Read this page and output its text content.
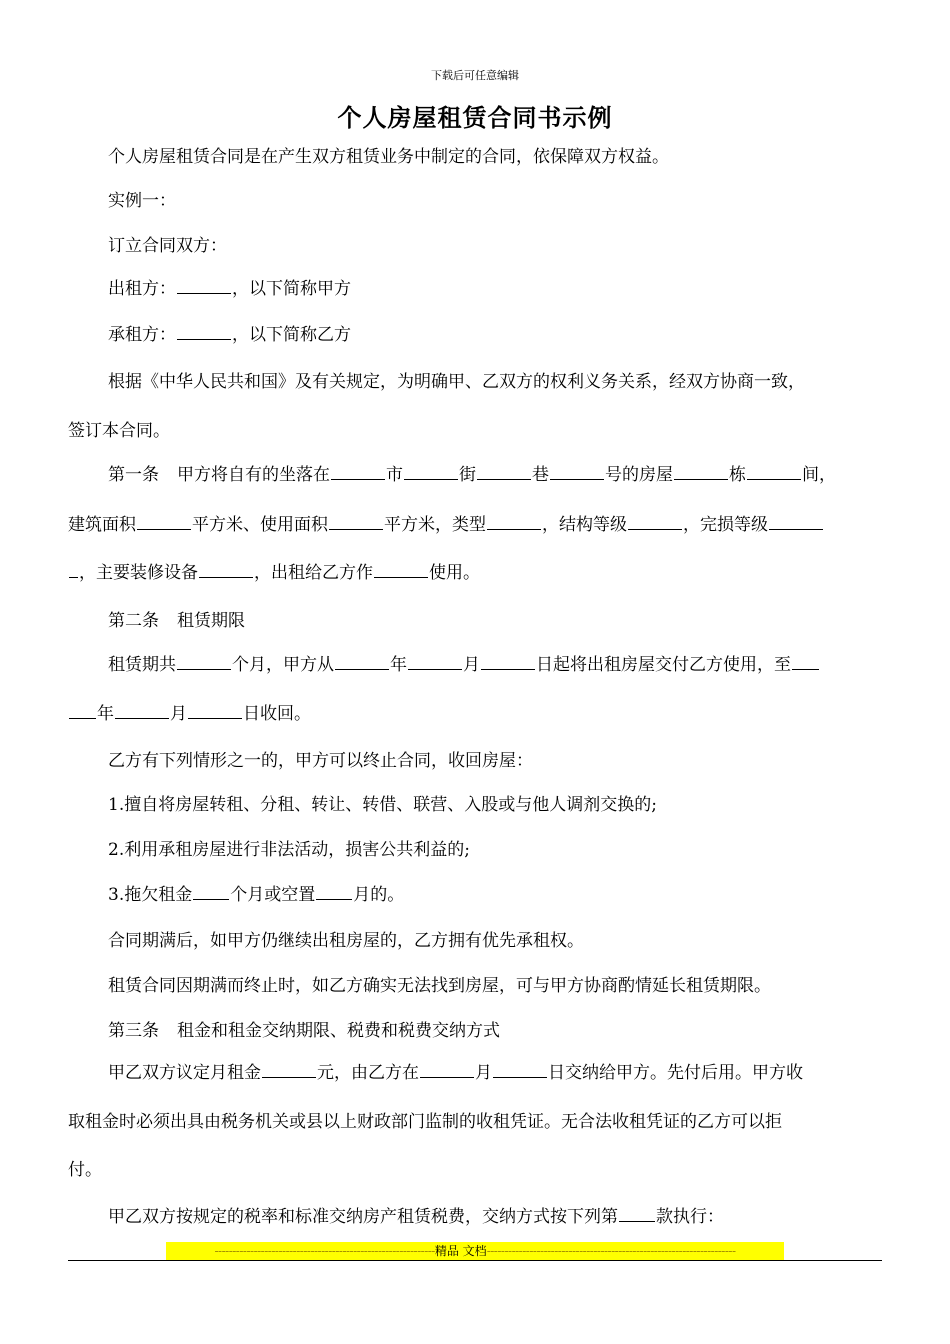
下载后可任意编辑
个人房屋租赁合同书示例
个人房屋租赁合同是在产生双方租赁业务中制定的合同，依保障双方权益。
实例一：
订立合同双方：
出租方：	，以下简称甲方
承租方：	，以下简称乙方
根据《中华人民共和国》及有关规定，为明确甲、乙双方的权利义务关系，经双方协商一致，
签订本合同。
第一条 甲方将自有的坐落在	市	街	巷	号的房屋	栋	间，
建筑面积	平方米、使用面积	平方米，类型	，结构等级	，完损等级
，主要装修设备	，出租给乙方作	使用。
第二条 租赁期限
租赁期共	个月，甲方从	年	月	日起将出租房屋交付乙方使用，至
年	月	日收回。
乙方有下列情形之一的，甲方可以终止合同，收回房屋：
1.擅自将房屋转租、分租、转让、转借、联营、入股或与他人调剂交换的;
2.利用承租房屋进行非法活动，损害公共利益的;
3.拖欠租金 个月或空置 月的。
合同期满后，如甲方仍继续出租房屋的，乙方拥有优先承租权。
租赁合同因期满而终止时，如乙方确实无法找到房屋，可与甲方协商酌情延长租赁期限。
第三条 租金和租金交纳期限、税费和税费交纳方式
甲乙双方议定月租金	元，由乙方在	月	日交纳给甲方。先付后用。甲方收
取租金时必须出具由税务机关或县以上财政部门监制的收租凭证。无合法收租凭证的乙方可以拒
付。
甲乙双方按规定的税率和标准交纳房产租赁税费，交纳方式按下列第 款执行：
--------------------------------------------------------------精品 文档----------------------------------------------------------------------
